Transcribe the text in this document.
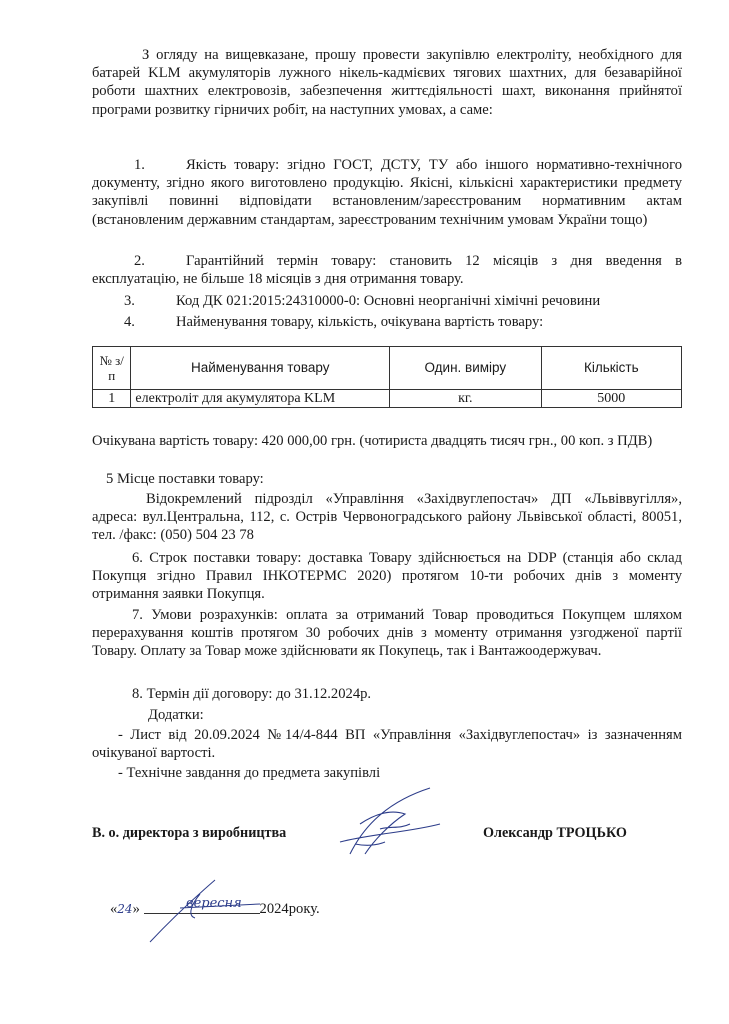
З огляду на вищевказане, прошу провести закупівлю електроліту, необхідного для батарей KLM акумуляторів лужного нікель-кадмієвих тягових шахтних, для безаварійної роботи шахтних електровозів, забезпечення життєдіяльності шахт, виконання прийнятої програми розвитку гірничих робіт, на наступних умовах, а саме:

1.	Якість товару: згідно ГОСТ, ДСТУ, ТУ або іншого нормативно-технічного документу, згідно якого виготовлено продукцію. Якісні, кількісні характеристики предмету закупівлі повинні відповідати встановленим/зареєстрованим нормативним актам (встановленим державним стандартам, зареєстрованим технічним умовам України тощо)

2.	Гарантійний термін товару: становить 12 місяців з дня введення в експлуатацію, не більше 18 місяців з дня отримання товару.

3.	Код ДК 021:2015:24310000-0: Основні неорганічні хімічні речовини

4.	Найменування товару, кількість, очікувана вартість товару:

№ з/п	Найменування товару	Один. виміру	Кількість
1	електроліт для акумулятора KLM	кг.	5000

Очікувана вартість товару: 420 000,00 грн. (чотириста двадцять тисяч грн., 00 коп. з ПДВ)

5 Місце поставки товару:

Відокремлений підрозділ «Управління «Західвуглепостач» ДП «Львіввугілля», адреса: вул.Центральна, 112, с. Острів Червоноградського району Львівської області, 80051, тел. /факс: (050) 504 23 78

6. Строк поставки товару: доставка Товару здійснюється на DDP (станція або склад Покупця згідно Правил ІНКОТЕРМС 2020) протягом 10-ти робочих днів з моменту отримання заявки Покупця.

7. Умови розрахунків: оплата за отриманий Товар проводиться Покупцем шляхом перерахування коштів протягом 30 робочих днів з моменту отримання узгодженої партії Товару. Оплату за Товар може здійснювати як Покупець, так і Вантажоодержувач.

8. Термін дії договору: до 31.12.2024р.

Додатки:

- Лист від 20.09.2024 №14/4-844 ВП «Управління «Західвуглепостач» із зазначенням очікуваної вартості.

- Технічне завдання до предмета закупівлі

В. о. директора з виробництва	Олександр ТРОЦЬКО
«24»	2024року.
вересня
